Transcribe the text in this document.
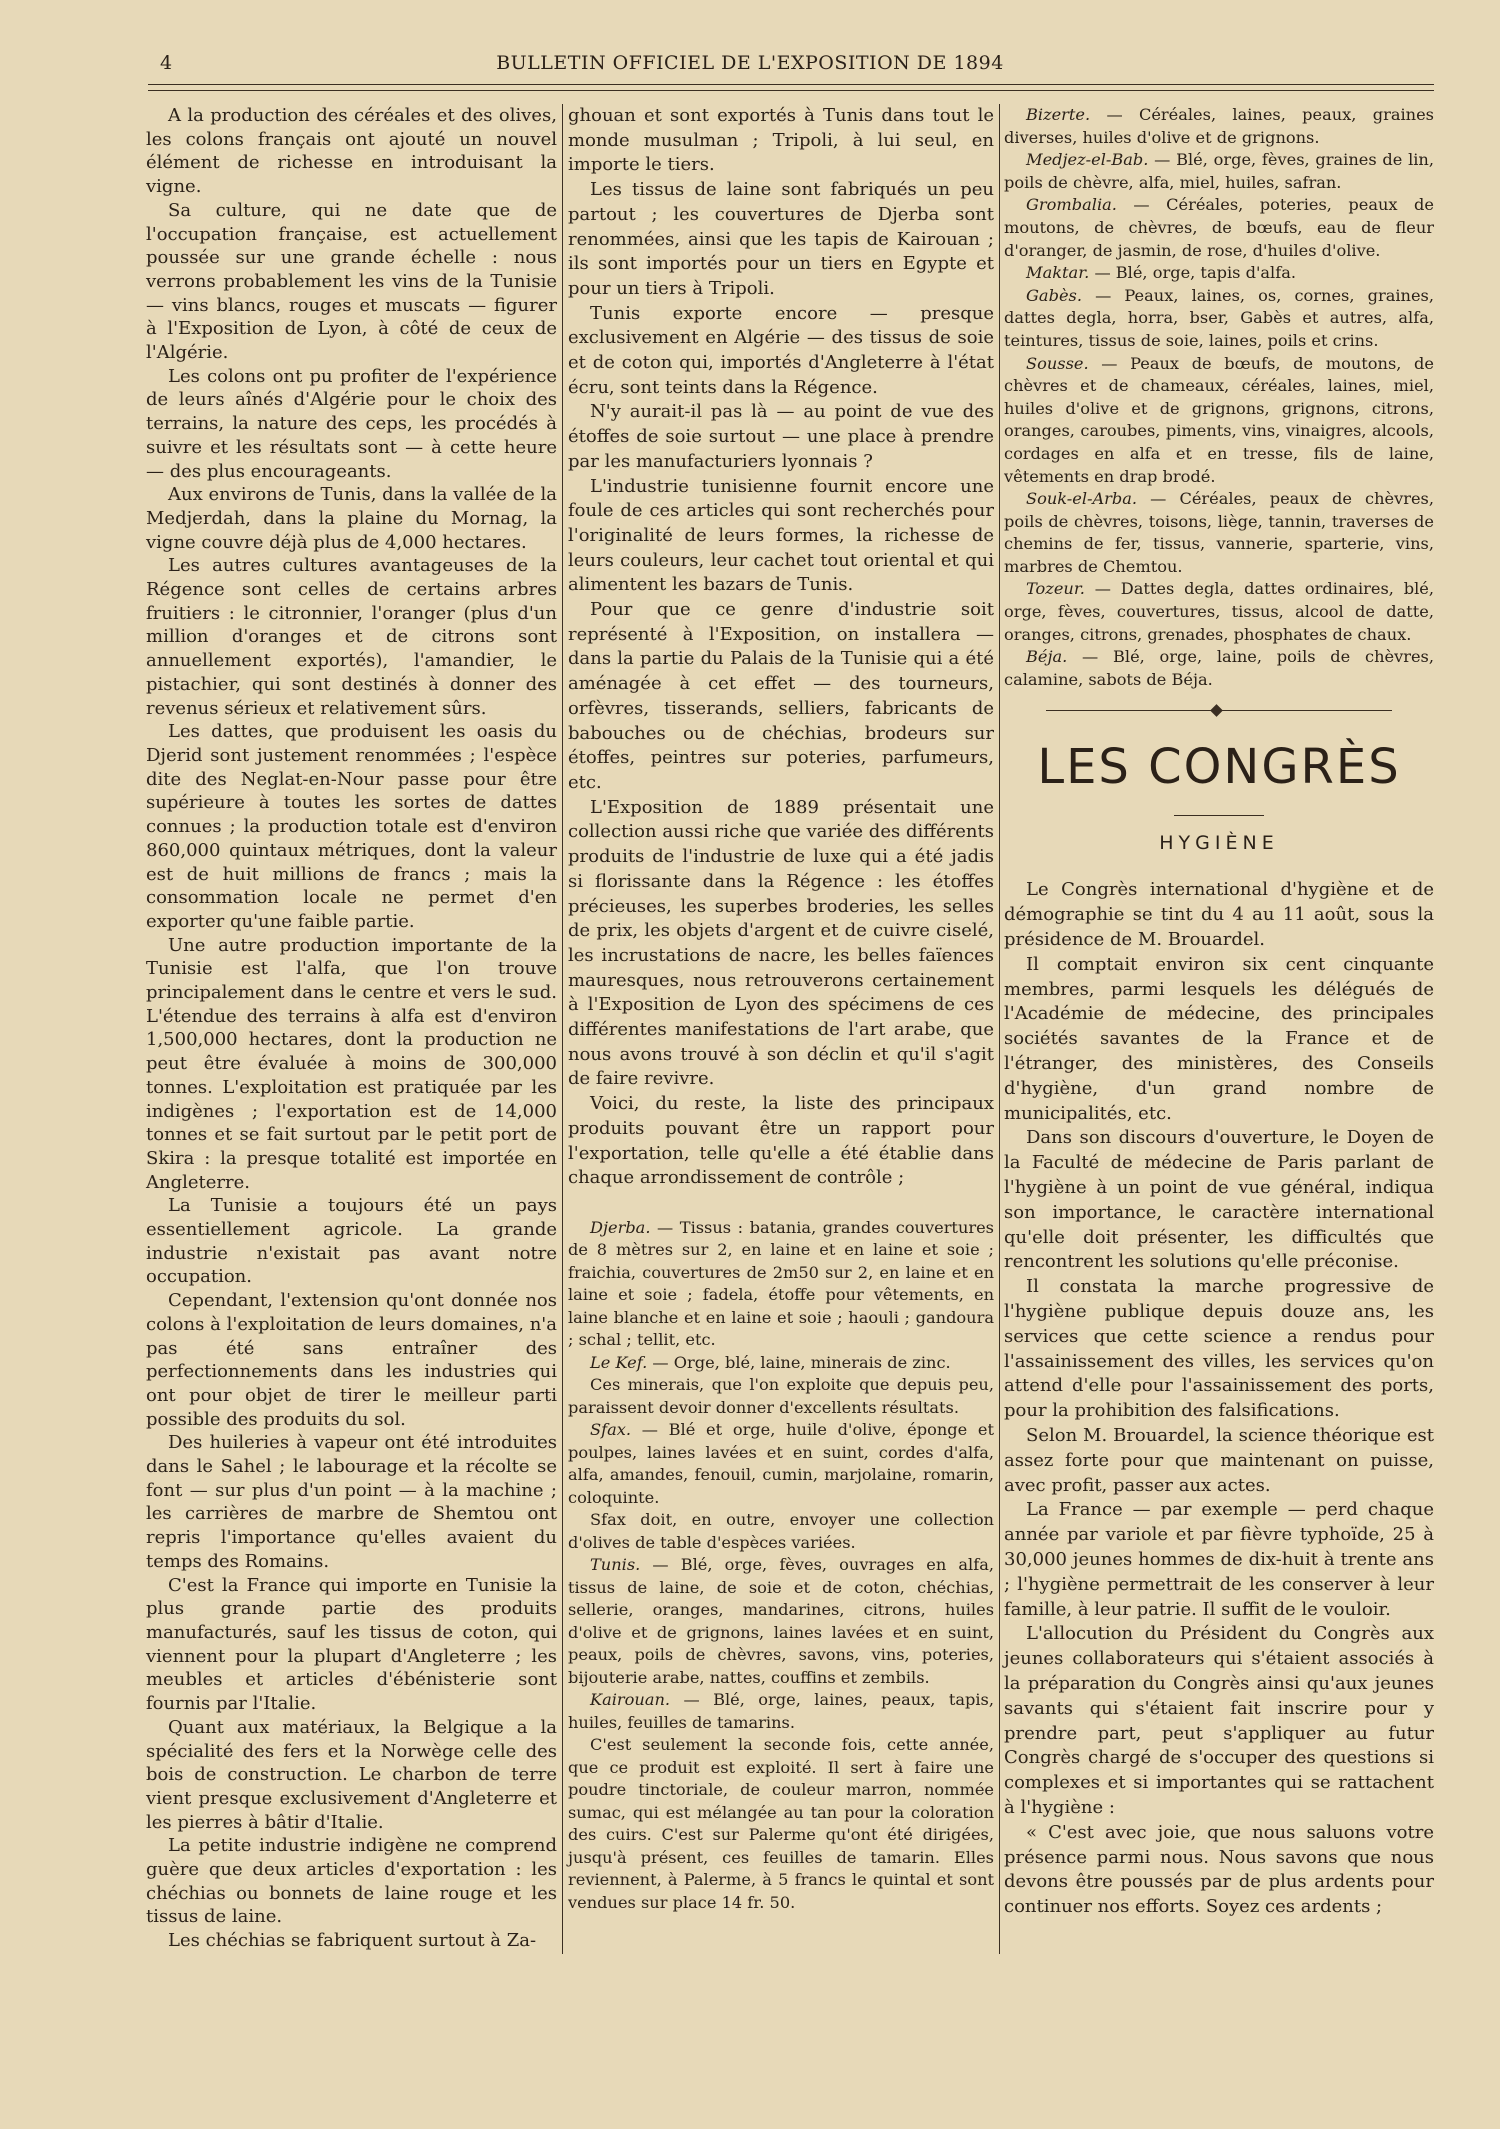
4	BULLETIN OFFICIEL DE L'EXPOSITION DE 1894

A la production des céréales et des olives, les colons français ont ajouté un nouvel élément de richesse en introduisant la vigne.

Sa culture, qui ne date que de l'occupation française, est actuellement poussée sur une grande échelle : nous verrons probablement les vins de la Tunisie — vins blancs, rouges et muscats — figurer à l'Exposition de Lyon, à côté de ceux de l'Algérie.

Les colons ont pu profiter de l'expérience de leurs aînés d'Algérie pour le choix des terrains, la nature des ceps, les procédés à suivre et les résultats sont — à cette heure — des plus encourageants.

Aux environs de Tunis, dans la vallée de la Medjerdah, dans la plaine du Mornag, la vigne couvre déjà plus de 4,000 hectares.

Les autres cultures avantageuses de la Régence sont celles de certains arbres fruitiers : le citronnier, l'oranger (plus d'un million d'oranges et de citrons sont annuellement exportés), l'amandier, le pistachier, qui sont destinés à donner des revenus sérieux et relativement sûrs.

Les dattes, que produisent les oasis du Djerid sont justement renommées ; l'espèce dite des Neglat-en-Nour passe pour être supérieure à toutes les sortes de dattes connues ; la production totale est d'environ 860,000 quintaux métriques, dont la valeur est de huit millions de francs ; mais la consommation locale ne permet d'en exporter qu'une faible partie.

Une autre production importante de la Tunisie est l'alfa, que l'on trouve principalement dans le centre et vers le sud. L'étendue des terrains à alfa est d'environ 1,500,000 hectares, dont la production ne peut être évaluée à moins de 300,000 tonnes. L'exploitation est pratiquée par les indigènes ; l'exportation est de 14,000 tonnes et se fait surtout par le petit port de Skira : la presque totalité est importée en Angleterre.

La Tunisie a toujours été un pays essentiellement agricole. La grande industrie n'existait pas avant notre occupation.

Cependant, l'extension qu'ont donnée nos colons à l'exploitation de leurs domaines, n'a pas été sans entraîner des perfectionnements dans les industries qui ont pour objet de tirer le meilleur parti possible des produits du sol.

Des huileries à vapeur ont été introduites dans le Sahel ; le labourage et la récolte se font — sur plus d'un point — à la machine ; les carrières de marbre de Shemtou ont repris l'importance qu'elles avaient du temps des Romains.

C'est la France qui importe en Tunisie la plus grande partie des produits manufacturés, sauf les tissus de coton, qui viennent pour la plupart d'Angleterre ; les meubles et articles d'ébénisterie sont fournis par l'Italie.

Quant aux matériaux, la Belgique a la spécialité des fers et la Norwège celle des bois de construction. Le charbon de terre vient presque exclusivement d'Angleterre et les pierres à bâtir d'Italie.

La petite industrie indigène ne comprend guère que deux articles d'exportation : les chéchias ou bonnets de laine rouge et les tissus de laine.

Les chéchias se fabriquent surtout à Za-

ghouan et sont exportés à Tunis dans tout le monde musulman ; Tripoli, à lui seul, en importe le tiers.

Les tissus de laine sont fabriqués un peu partout ; les couvertures de Djerba sont renommées, ainsi que les tapis de Kairouan ; ils sont importés pour un tiers en Egypte et pour un tiers à Tripoli.

Tunis exporte encore — presque exclusivement en Algérie — des tissus de soie et de coton qui, importés d'Angleterre à l'état écru, sont teints dans la Régence.

N'y aurait-il pas là — au point de vue des étoffes de soie surtout — une place à prendre par les manufacturiers lyonnais ?

L'industrie tunisienne fournit encore une foule de ces articles qui sont recherchés pour l'originalité de leurs formes, la richesse de leurs couleurs, leur cachet tout oriental et qui alimentent les bazars de Tunis.

Pour que ce genre d'industrie soit représenté à l'Exposition, on installera — dans la partie du Palais de la Tunisie qui a été aménagée à cet effet — des tourneurs, orfèvres, tisserands, selliers, fabricants de babouches ou de chéchias, brodeurs sur étoffes, peintres sur poteries, parfumeurs, etc.

L'Exposition de 1889 présentait une collection aussi riche que variée des différents produits de l'industrie de luxe qui a été jadis si florissante dans la Régence : les étoffes précieuses, les superbes broderies, les selles de prix, les objets d'argent et de cuivre ciselé, les incrustations de nacre, les belles faïences mauresques, nous retrouverons certainement à l'Exposition de Lyon des spécimens de ces différentes manifestations de l'art arabe, que nous avons trouvé à son déclin et qu'il s'agit de faire revivre.

Voici, du reste, la liste des principaux produits pouvant être un rapport pour l'exportation, telle qu'elle a été établie dans chaque arrondissement de contrôle ;

Djerba. — Tissus : batania, grandes couvertures de 8 mètres sur 2, en laine et en laine et soie ; fraichia, couvertures de 2m50 sur 2, en laine et en laine et soie ; fadela, étoffe pour vêtements, en laine blanche et en laine et soie ; haouli ; gandoura ; schal ; tellit, etc.

Le Kef. — Orge, blé, laine, minerais de zinc.

Ces minerais, que l'on exploite que depuis peu, paraissent devoir donner d'excellents résultats.

Sfax. — Blé et orge, huile d'olive, éponge et poulpes, laines lavées et en suint, cordes d'alfa, alfa, amandes, fenouil, cumin, marjolaine, romarin, coloquinte.

Sfax doit, en outre, envoyer une collection d'olives de table d'espèces variées.

Tunis. — Blé, orge, fèves, ouvrages en alfa, tissus de laine, de soie et de coton, chéchias, sellerie, oranges, mandarines, citrons, huiles d'olive et de grignons, laines lavées et en suint, peaux, poils de chèvres, savons, vins, poteries, bijouterie arabe, nattes, couffins et zembils.

Kairouan. — Blé, orge, laines, peaux, tapis, huiles, feuilles de tamarins.

C'est seulement la seconde fois, cette année, que ce produit est exploité. Il sert à faire une poudre tinctoriale, de couleur marron, nommée sumac, qui est mélangée au tan pour la coloration des cuirs. C'est sur Palerme qu'ont été dirigées, jusqu'à présent, ces feuilles de tamarin. Elles reviennent, à Palerme, à 5 francs le quintal et sont vendues sur place 14 fr. 50.

Bizerte. — Céréales, laines, peaux, graines diverses, huiles d'olive et de grignons.

Medjez-el-Bab. — Blé, orge, fèves, graines de lin, poils de chèvre, alfa, miel, huiles, safran.

Grombalia. — Céréales, poteries, peaux de moutons, de chèvres, de bœufs, eau de fleur d'oranger, de jasmin, de rose, d'huiles d'olive.

Maktar. — Blé, orge, tapis d'alfa.

Gabès. — Peaux, laines, os, cornes, graines, dattes degla, horra, bser, Gabès et autres, alfa, teintures, tissus de soie, laines, poils et crins.

Sousse. — Peaux de bœufs, de moutons, de chèvres et de chameaux, céréales, laines, miel, huiles d'olive et de grignons, grignons, citrons, oranges, caroubes, piments, vins, vinaigres, alcools, cordages en alfa et en tresse, fils de laine, vêtements en drap brodé.

Souk-el-Arba. — Céréales, peaux de chèvres, poils de chèvres, toisons, liège, tannin, traverses de chemins de fer, tissus, vannerie, sparterie, vins, marbres de Chemtou.

Tozeur. — Dattes degla, dattes ordinaires, blé, orge, fèves, couvertures, tissus, alcool de datte, oranges, citrons, grenades, phosphates de chaux.

Béja. — Blé, orge, laine, poils de chèvres, calamine, sabots de Béja.

LES CONGRÈS
HYGIÈNE

Le Congrès international d'hygiène et de démographie se tint du 4 au 11 août, sous la présidence de M. Brouardel.

Il comptait environ six cent cinquante membres, parmi lesquels les délégués de l'Académie de médecine, des principales sociétés savantes de la France et de l'étranger, des ministères, des Conseils d'hygiène, d'un grand nombre de municipalités, etc.

Dans son discours d'ouverture, le Doyen de la Faculté de médecine de Paris parlant de l'hygiène à un point de vue général, indiqua son importance, le caractère international qu'elle doit présenter, les difficultés que rencontrent les solutions qu'elle préconise.

Il constata la marche progressive de l'hygiène publique depuis douze ans, les services que cette science a rendus pour l'assainissement des villes, les services qu'on attend d'elle pour l'assainissement des ports, pour la prohibition des falsifications.

Selon M. Brouardel, la science théorique est assez forte pour que maintenant on puisse, avec profit, passer aux actes.

La France — par exemple — perd chaque année par variole et par fièvre typhoïde, 25 à 30,000 jeunes hommes de dix-huit à trente ans ; l'hygiène permettrait de les conserver à leur famille, à leur patrie. Il suffit de le vouloir.

L'allocution du Président du Congrès aux jeunes collaborateurs qui s'étaient associés à la préparation du Congrès ainsi qu'aux jeunes savants qui s'étaient fait inscrire pour y prendre part, peut s'appliquer au futur Congrès chargé de s'occuper des questions si complexes et si importantes qui se rattachent à l'hygiène :

« C'est avec joie, que nous saluons votre présence parmi nous. Nous savons que nous devons être poussés par de plus ardents pour continuer nos efforts. Soyez ces ardents ;
